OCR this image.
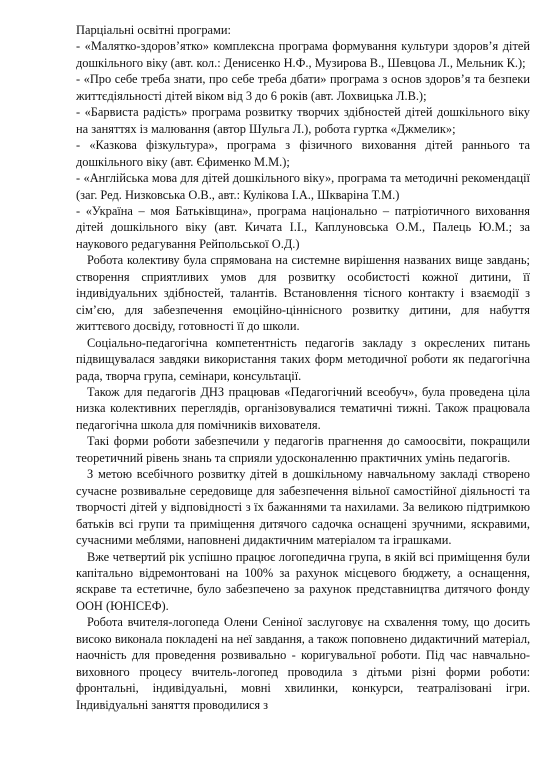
Парціальні освітні програми:

- «Малятко-здоров’ятко» комплексна програма формування культури здоров’я дітей дошкільного віку (авт. кол.: Денисенко Н.Ф., Музирова В., Шевцова Л., Мельник К.);

- «Про себе треба знати, про себе треба дбати» програма з основ здоров’я та безпеки життєдіяльності дітей віком від 3 до 6 років (авт. Лохвицька Л.В.);

- «Барвиста радість» програма розвитку творчих здібностей дітей дошкільного віку на заняттях із малювання (автор Шульга Л.), робота гуртка «Джмелик»;

- «Казкова фізкультура», програма з фізичного виховання дітей раннього та дошкільного віку (авт. Єфименко М.М.);

- «Англійська мова для дітей дошкільного віку», програма та методичні рекомендації (заг. Ред. Низковська О.В., авт.: Кулікова І.А., Шкваріна Т.М.)

- «Україна – моя Батьківщина», програма національно – патріотичного виховання дітей дошкільного віку (авт. Кичата І.І., Каплуновська О.М., Палець Ю.М.; за наукового редагування Рейпольської О.Д.)

Робота колективу була спрямована на системне вирішення названих вище завдань; створення сприятливих умов для розвитку особистості кожної дитини, її індивідуальних здібностей, талантів. Встановлення тісного контакту і взаємодії з сім’єю, для забезпечення емоційно-ціннісного розвитку дитини, для набуття життєвого досвіду, готовності її до школи.

Соціально-педагогічна компетентність педагогів закладу з окреслених питань підвищувалася завдяки використання таких форм методичної роботи як педагогічна рада, творча група, семінари, консультації.

Також для педагогів ДНЗ працював «Педагогічний всеобуч», була проведена ціла низка колективних переглядів, організовувалися тематичні тижні. Також працювала педагогічна школа для помічників вихователя.

Такі форми роботи забезпечили у педагогів прагнення до самоосвіти, покращили теоретичний рівень знань та сприяли удосконаленню практичних умінь педагогів.

З метою всебічного розвитку дітей в дошкільному навчальному закладі створено сучасне розвивальне середовище для забезпечення вільної самостійної діяльності та творчості дітей у відповідності з їх бажаннями та нахилами. За великою підтримкою батьків всі групи та приміщення дитячого садочка оснащені зручними, яскравими, сучасними меблями, наповнені дидактичним матеріалом та іграшками.

Вже четвертий рік успішно працює логопедична група, в якій всі приміщення були капітально відремонтовані на 100% за рахунок місцевого бюджету, а оснащення, яскраве та естетичне, було забезпечено за рахунок представництва дитячого фонду ООН (ЮНІСЕФ).

Робота вчителя-логопеда Олени Сеніної заслуговує на схвалення тому, що досить високо виконала покладені на неї завдання, а також поповнено дидактичний матеріал, наочність для проведення розвивально - коригувальної роботи. Під час навчально-виховного процесу вчитель-логопед проводила з дітьми різні форми роботи: фронтальні, індивідуальні, мовні хвилинки, конкурси, театралізовані ігри. Індивідуальні заняття проводилися з
